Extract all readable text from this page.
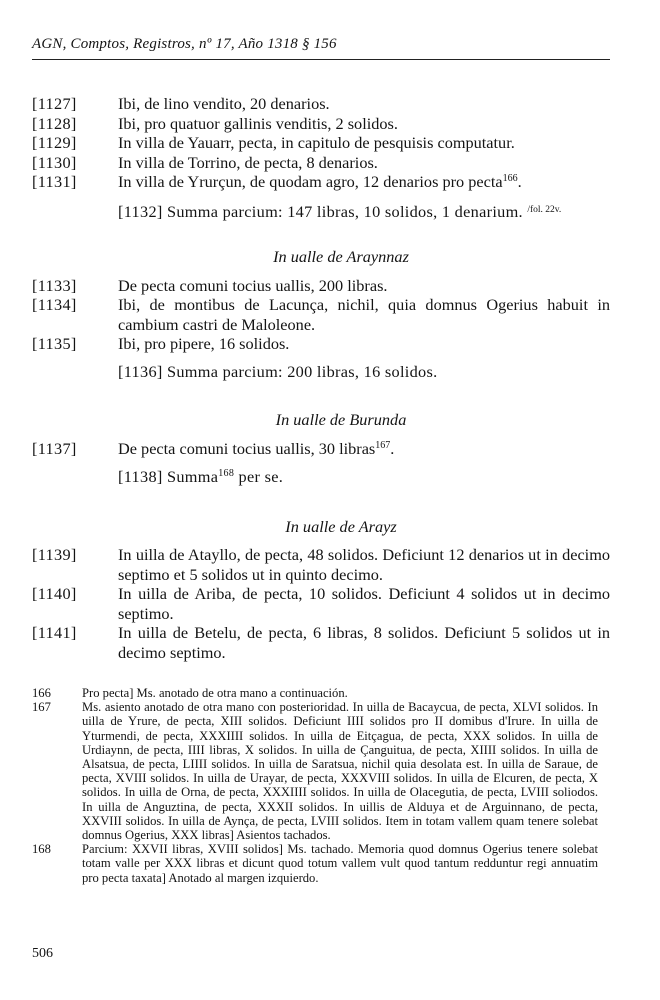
AGN, Comptos, Registros, nº 17, Año 1318 § 156
[1127]	Ibi, de lino vendito, 20 denarios.
[1128]	Ibi, pro quatuor gallinis venditis, 2 solidos.
[1129]	In villa de Yauarr, pecta, in capitulo de pesquisis computatur.
[1130]	In villa de Torrino, de pecta, 8 denarios.
[1131]	In villa de Yrurçun, de quodam agro, 12 denarios pro pecta$^{166}$.
[1132] Summa parcium: 147 libras, 10 solidos, 1 denarium. $^{/fol. 22v.}$
In ualle de Araynnaz
[1133]	De pecta comuni tocius uallis, 200 libras.
[1134]	Ibi, de montibus de Lacunça, nichil, quia domnus Ogerius habuit in cambium castri de Maloleone.
[1135]	Ibi, pro pipere, 16 solidos.
[1136] Summa parcium: 200 libras, 16 solidos.
In ualle de Burunda
[1137]	De pecta comuni tocius uallis, 30 libras$^{167}$.
[1138] Summa$^{168}$ per se.
In ualle de Arayz
[1139]	In uilla de Atayllo, de pecta, 48 solidos. Deficiunt 12 denarios ut in decimo septimo et 5 solidos ut in quinto decimo.
[1140]	In uilla de Ariba, de pecta, 10 solidos. Deficiunt 4 solidos ut in decimo septimo.
[1141]	In uilla de Betelu, de pecta, 6 libras, 8 solidos. Deficiunt 5 solidos ut in decimo septimo.
166	Pro pecta] Ms. anotado de otra mano a continuación.
167	Ms. asiento anotado de otra mano con posterioridad. In uilla de Bacaycua, de pecta, XLVI solidos. In uilla de Yrure, de pecta, XIII solidos. Deficiunt IIII solidos pro II domibus d'Irure. In uilla de Yturmendi, de pecta, XXXIIII solidos. In uilla de Eitçagua, de pecta, XXX solidos. In uilla de Urdiaynn, de pecta, IIII libras, X solidos. In uilla de Çanguitua, de pecta, XIIII solidos. In uilla de Alsatsua, de pecta, LIIII solidos. In uilla de Saratsua, nichil quia desolata est. In uilla de Saraue, de pecta, XVIII solidos. In uilla de Urayar, de pecta, XXXVIII solidos. In uilla de Elcuren, de pecta, X solidos. In uilla de Orna, de pecta, XXXIIII solidos. In uilla de Olacegutia, de pecta, LVIII soliodos. In uilla de Anguztina, de pecta, XXXII solidos. In uillis de Alduya et de Arguinnano, de pecta, XXVIII solidos. In uilla de Aynça, de pecta, LVIII solidos. Item in totam vallem quam tenere solebat domnus Ogerius, XXX libras] Asientos tachados.
168	Parcium: XXVII libras, XVIII solidos] Ms. tachado. Memoria quod domnus Ogerius tenere solebat totam valle per XXX libras et dicunt quod totum vallem vult quod tantum redduntur regi annuatim pro pecta taxata] Anotado al margen izquierdo.
506
